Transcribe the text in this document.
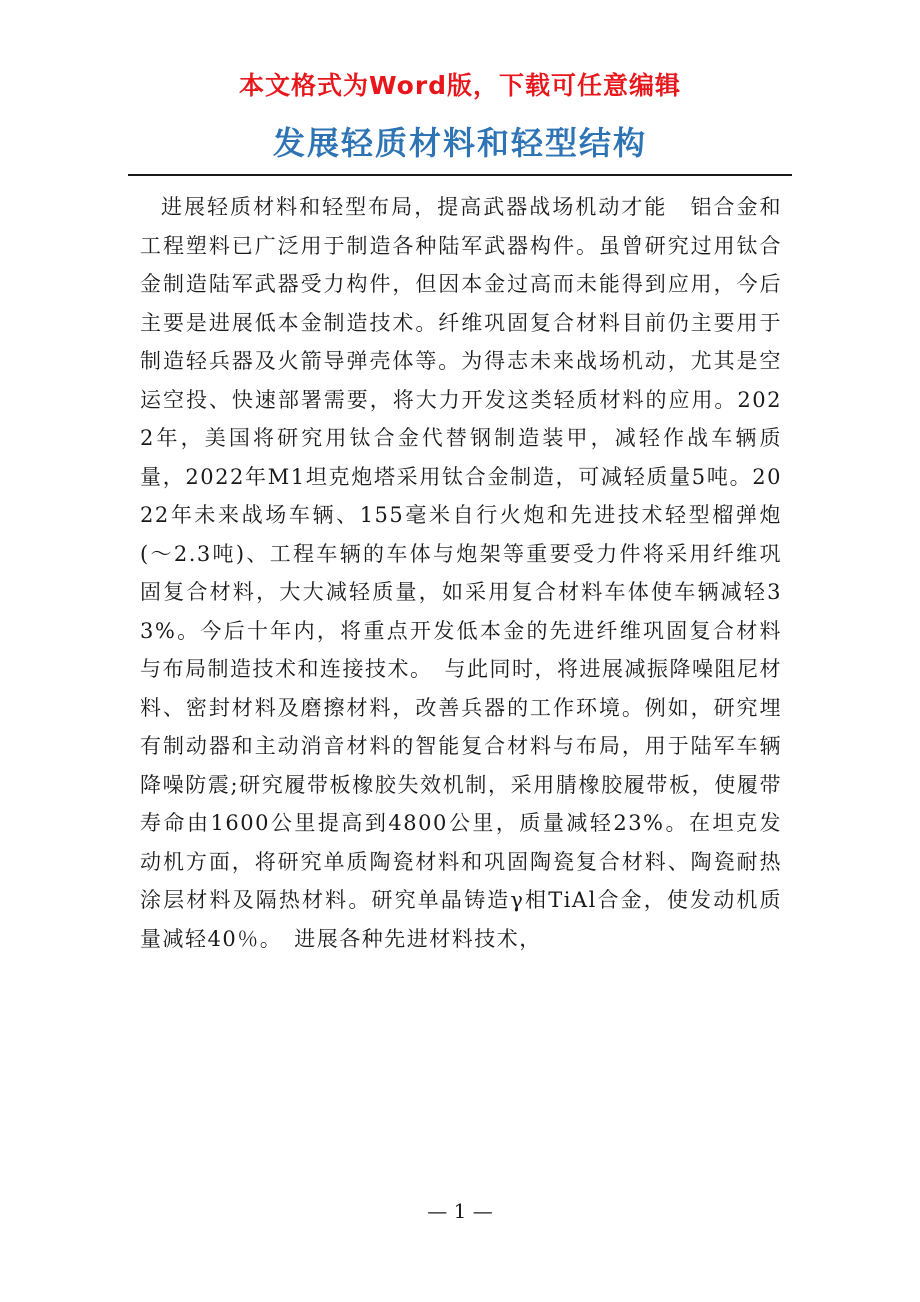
本文格式为Word版，下载可任意编辑
发展轻质材料和轻型结构

进展轻质材料和轻型布局，提高武器战场机动才能　铝合金和工程塑料已广泛用于制造各种陆军武器构件。虽曾研究过用钛合金制造陆军武器受力构件，但因本金过高而未能得到应用，今后主要是进展低本金制造技术。纤维巩固复合材料目前仍主要用于制造轻兵器及火箭导弹壳体等。为得志未来战场机动，尤其是空运空投、快速部署需要，将大力开发这类轻质材料的应用。2022年，美国将研究用钛合金代替钢制造装甲，减轻作战车辆质量，2022年M1坦克炮塔采用钛合金制造，可减轻质量5吨。2022年未来战场车辆、155毫米自行火炮和先进技术轻型榴弹炮(～2.3吨)、工程车辆的车体与炮架等重要受力件将采用纤维巩固复合材料，大大减轻质量，如采用复合材料车体使车辆减轻33%。今后十年内，将重点开发低本金的先进纤维巩固复合材料与布局制造技术和连接技术。　与此同时，将进展减振降噪阻尼材料、密封材料及磨擦材料，改善兵器的工作环境。例如，研究埋有制动器和主动消音材料的智能复合材料与布局，用于陆军车辆降噪防震;研究履带板橡胶失效机制，采用腈橡胶履带板，使履带寿命由1600公里提高到4800公里，质量减轻23%。在坦克发动机方面，将研究单质陶瓷材料和巩固陶瓷复合材料、陶瓷耐热涂层材料及隔热材料。研究单晶铸造γ相TiAl合金，使发动机质量减轻40％。　进展各种先进材料技术，

— 1 —
